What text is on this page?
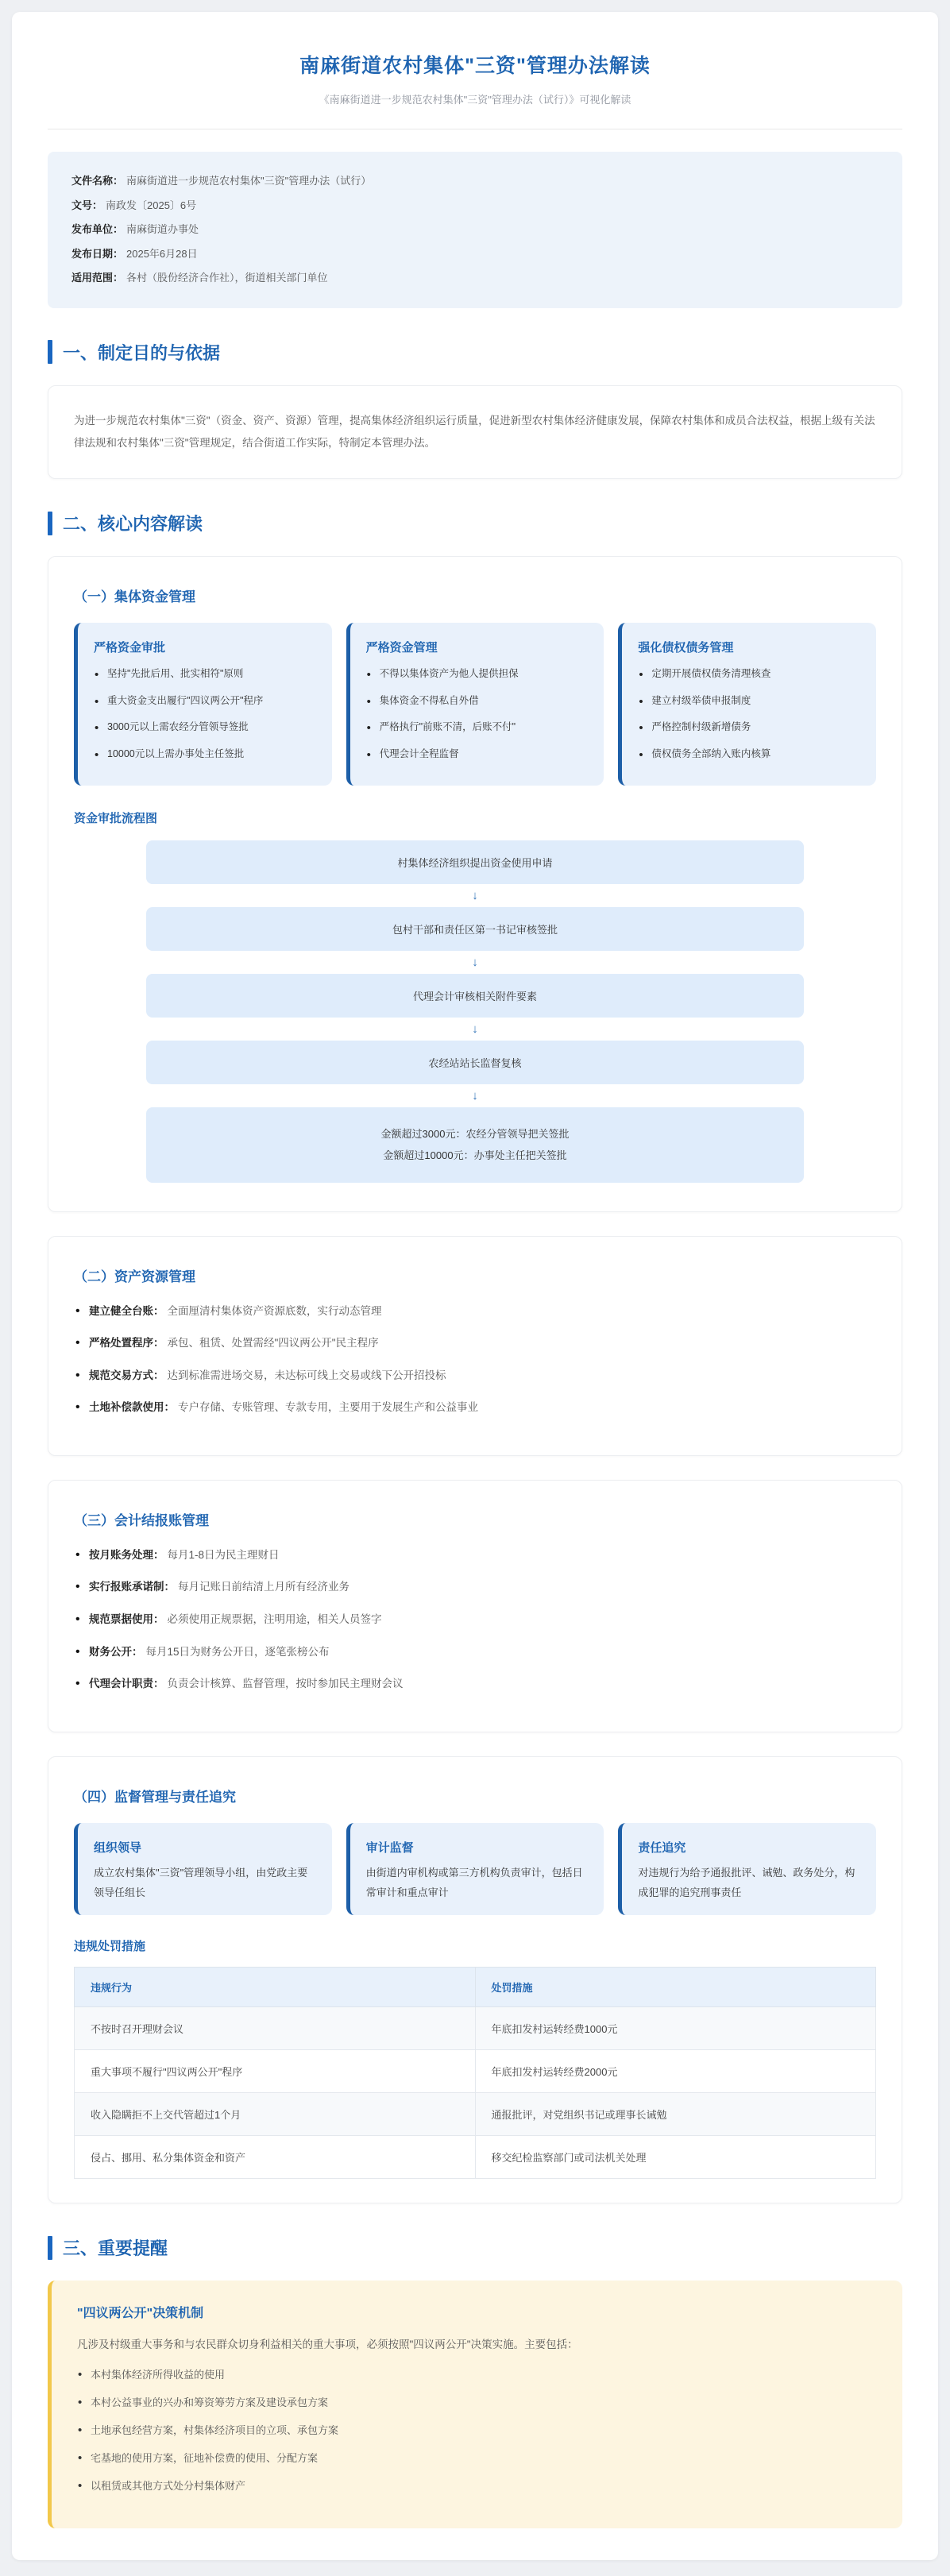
南麻街道农村集体"三资"管理办法解读

《南麻街道进一步规范农村集体"三资"管理办法（试行）》可视化解读

文件名称： 南麻街道进一步规范农村集体"三资"管理办法（试行）

文号： 南政发〔2025〕6号

发布单位： 南麻街道办事处

发布日期： 2025年6月28日

适用范围： 各村（股份经济合作社），街道相关部门单位

一、制定目的与依据

为进一步规范农村集体"三资"（资金、资产、资源）管理，提高集体经济组织运行质量，促进新型农村集体经济健康发展，保障农村集体和成员合法权益，根据上级有关法律法规和农村集体"三资"管理规定，结合街道工作实际，特制定本管理办法。

二、核心内容解读
（一）集体资金管理
严格资金审批
• 坚持"先批后用、批实相符"原则
• 重大资金支出履行"四议两公开"程序
• 3000元以上需农经分管领导签批
• 10000元以上需办事处主任签批
严格资金管理
• 不得以集体资产为他人提供担保
• 集体资金不得私自外借
• 严格执行"前账不清，后账不付"
• 代理会计全程监督
强化债权债务管理
• 定期开展债权债务清理核查
• 建立村级举债申报制度
• 严格控制村级新增债务
• 债权债务全部纳入账内核算
资金审批流程图
村集体经济组织提出资金使用申请
↓
包村干部和责任区第一书记审核签批
↓
代理会计审核相关附件要素
↓
农经站站长监督复核
↓
金额超过3000元：农经分管领导把关签批
金额超过10000元：办事处主任把关签批
（二）资产资源管理
• 建立健全台账： 全面厘清村集体资产资源底数，实行动态管理
• 严格处置程序： 承包、租赁、处置需经"四议两公开"民主程序
• 规范交易方式： 达到标准需进场交易，未达标可线上交易或线下公开招投标
• 土地补偿款使用： 专户存储、专账管理、专款专用，主要用于发展生产和公益事业
（三）会计结报账管理
• 按月账务处理： 每月1-8日为民主理财日
• 实行报账承诺制： 每月记账日前结清上月所有经济业务
• 规范票据使用： 必须使用正规票据，注明用途，相关人员签字
• 财务公开： 每月15日为财务公开日，逐笔张榜公布
• 代理会计职责： 负责会计核算、监督管理，按时参加民主理财会议
（四）监督管理与责任追究
组织领导

成立农村集体"三资"管理领导小组，由党政主要领导任组长

审计监督

由街道内审机构或第三方机构负责审计，包括日常审计和重点审计

责任追究

对违规行为给予通报批评、诫勉、政务处分，构成犯罪的追究刑事责任

违规处罚措施
违规行为	处罚措施
不按时召开理财会议	年底扣发村运转经费1000元
重大事项不履行"四议两公开"程序	年底扣发村运转经费2000元
收入隐瞒拒不上交代管超过1个月	通报批评，对党组织书记或理事长诫勉
侵占、挪用、私分集体资金和资产	移交纪检监察部门或司法机关处理
三、重要提醒
"四议两公开"决策机制

凡涉及村级重大事务和与农民群众切身利益相关的重大事项，必须按照"四议两公开"决策实施。主要包括：

• 本村集体经济所得收益的使用
• 本村公益事业的兴办和筹资筹劳方案及建设承包方案
• 土地承包经营方案，村集体经济项目的立项、承包方案
• 宅基地的使用方案，征地补偿费的使用、分配方案
• 以租赁或其他方式处分村集体财产
